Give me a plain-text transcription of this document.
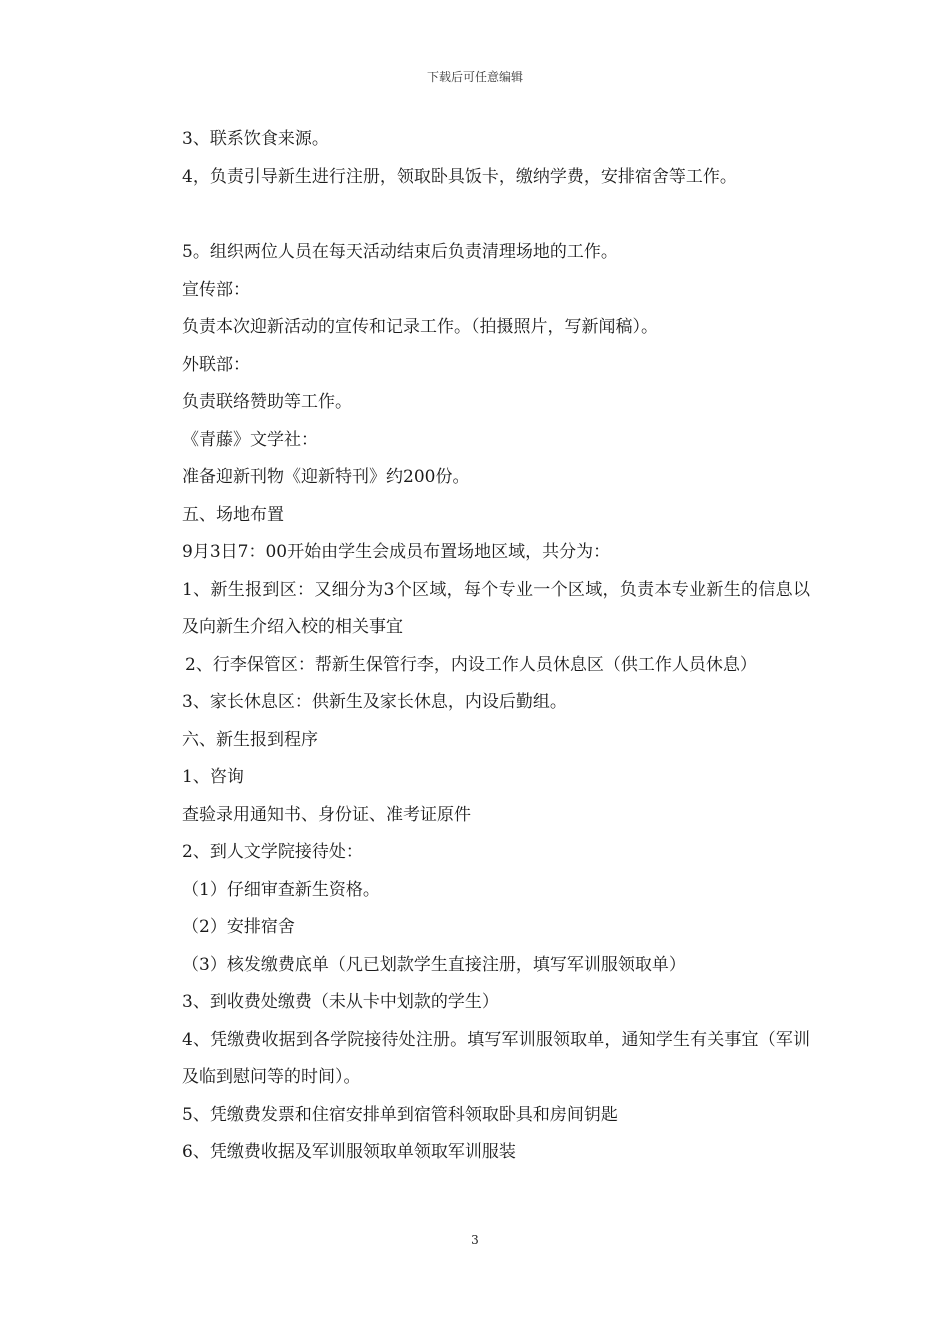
下载后可任意编辑

3、联系饮食来源。

4，负责引导新生进行注册，领取卧具饭卡，缴纳学费，安排宿舍等工作。

5。组织两位人员在每天活动结束后负责清理场地的工作。

宣传部：

负责本次迎新活动的宣传和记录工作。（拍摄照片，写新闻稿）。

外联部：

负责联络赞助等工作。

《青藤》文学社：

准备迎新刊物《迎新特刊》约200份。

五、场地布置

9月3日7：00开始由学生会成员布置场地区域，共分为：

1、新生报到区：又细分为3个区域，每个专业一个区域，负责本专业新生的信息以及向新生介绍入校的相关事宜

2、行李保管区：帮新生保管行李，内设工作人员休息区（供工作人员休息）

3、家长休息区：供新生及家长休息，内设后勤组。

六、新生报到程序

1、咨询

查验录用通知书、身份证、准考证原件

2、到人文学院接待处：

（1）仔细审查新生资格。

（2）安排宿舍

（3）核发缴费底单（凡已划款学生直接注册，填写军训服领取单）

3、到收费处缴费（未从卡中划款的学生）

4、凭缴费收据到各学院接待处注册。填写军训服领取单，通知学生有关事宜（军训及临到慰问等的时间）。

5、凭缴费发票和住宿安排单到宿管科领取卧具和房间钥匙

6、凭缴费收据及军训服领取单领取军训服装

3
